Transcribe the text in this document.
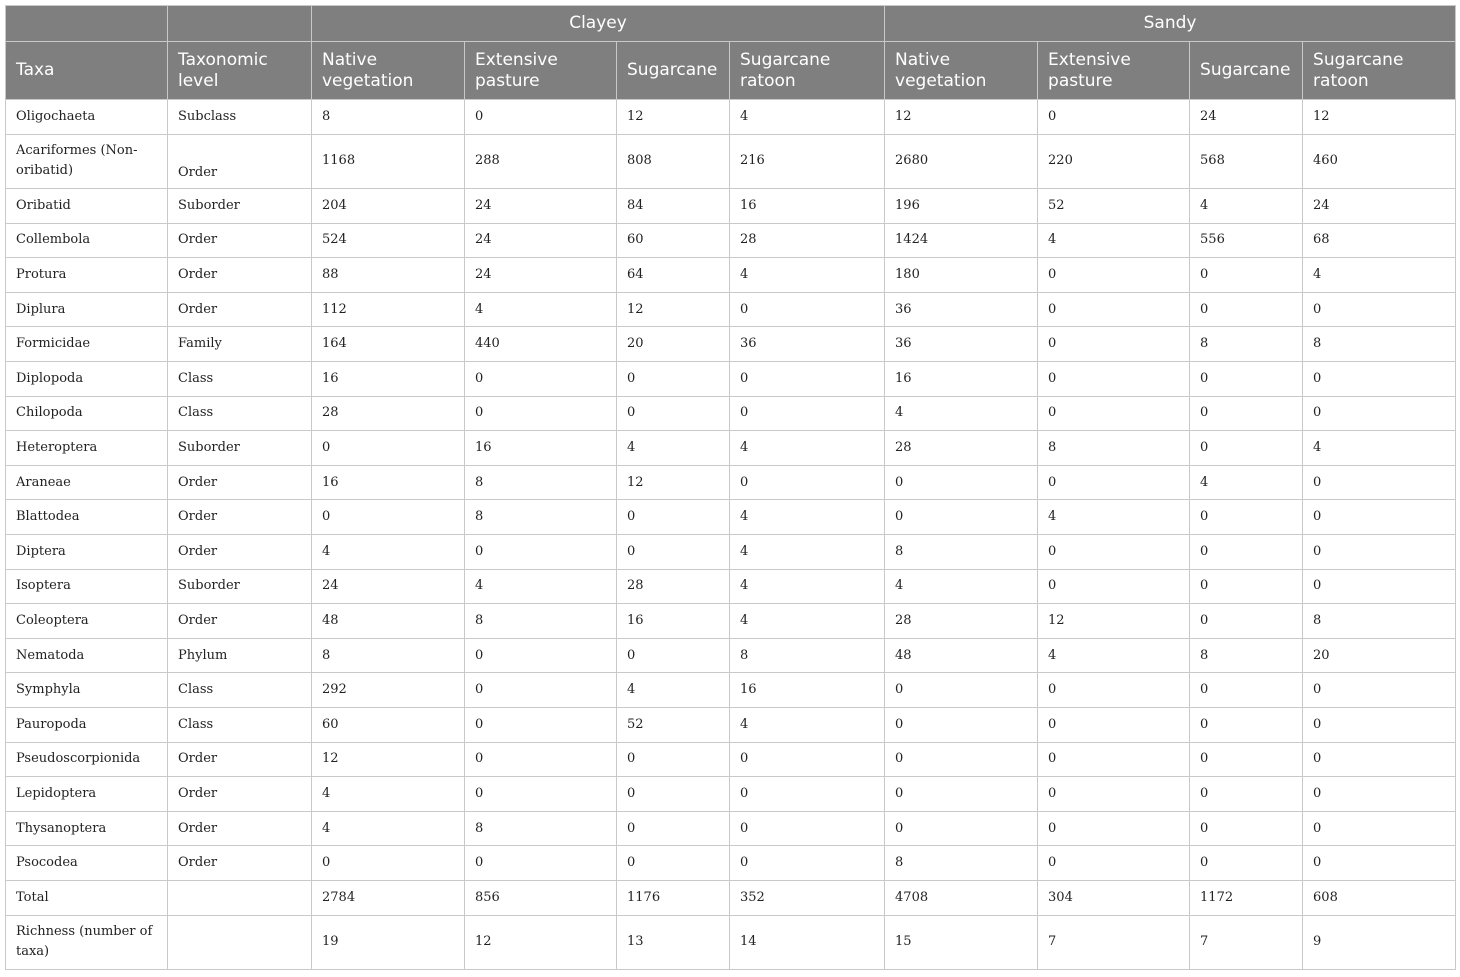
		Clayey				Sandy			
Taxa	Taxonomic level	Native vegetation	Extensive pasture	Sugarcane	Sugarcane ratoon	Native vegetation	Extensive pasture	Sugarcane	Sugarcane ratoon
Oligochaeta	Subclass	8	0	12	4	12	0	24	12
Acariformes (Non-oribatid)	Order	1168	288	808	216	2680	220	568	460
Oribatid	Suborder	204	24	84	16	196	52	4	24
Collembola	Order	524	24	60	28	1424	4	556	68
Protura	Order	88	24	64	4	180	0	0	4
Diplura	Order	112	4	12	0	36	0	0	0
Formicidae	Family	164	440	20	36	36	0	8	8
Diplopoda	Class	16	0	0	0	16	0	0	0
Chilopoda	Class	28	0	0	0	4	0	0	0
Heteroptera	Suborder	0	16	4	4	28	8	0	4
Araneae	Order	16	8	12	0	0	0	4	0
Blattodea	Order	0	8	0	4	0	4	0	0
Diptera	Order	4	0	0	4	8	0	0	0
Isoptera	Suborder	24	4	28	4	4	0	0	0
Coleoptera	Order	48	8	16	4	28	12	0	8
Nematoda	Phylum	8	0	0	8	48	4	8	20
Symphyla	Class	292	0	4	16	0	0	0	0
Pauropoda	Class	60	0	52	4	0	0	0	0
Pseudoscorpionida	Order	12	0	0	0	0	0	0	0
Lepidoptera	Order	4	0	0	0	0	0	0	0
Thysanoptera	Order	4	8	0	0	0	0	0	0
Psocodea	Order	0	0	0	0	8	0	0	0
Total		2784	856	1176	352	4708	304	1172	608
Richness (number of taxa)		19	12	13	14	15	7	7	9
